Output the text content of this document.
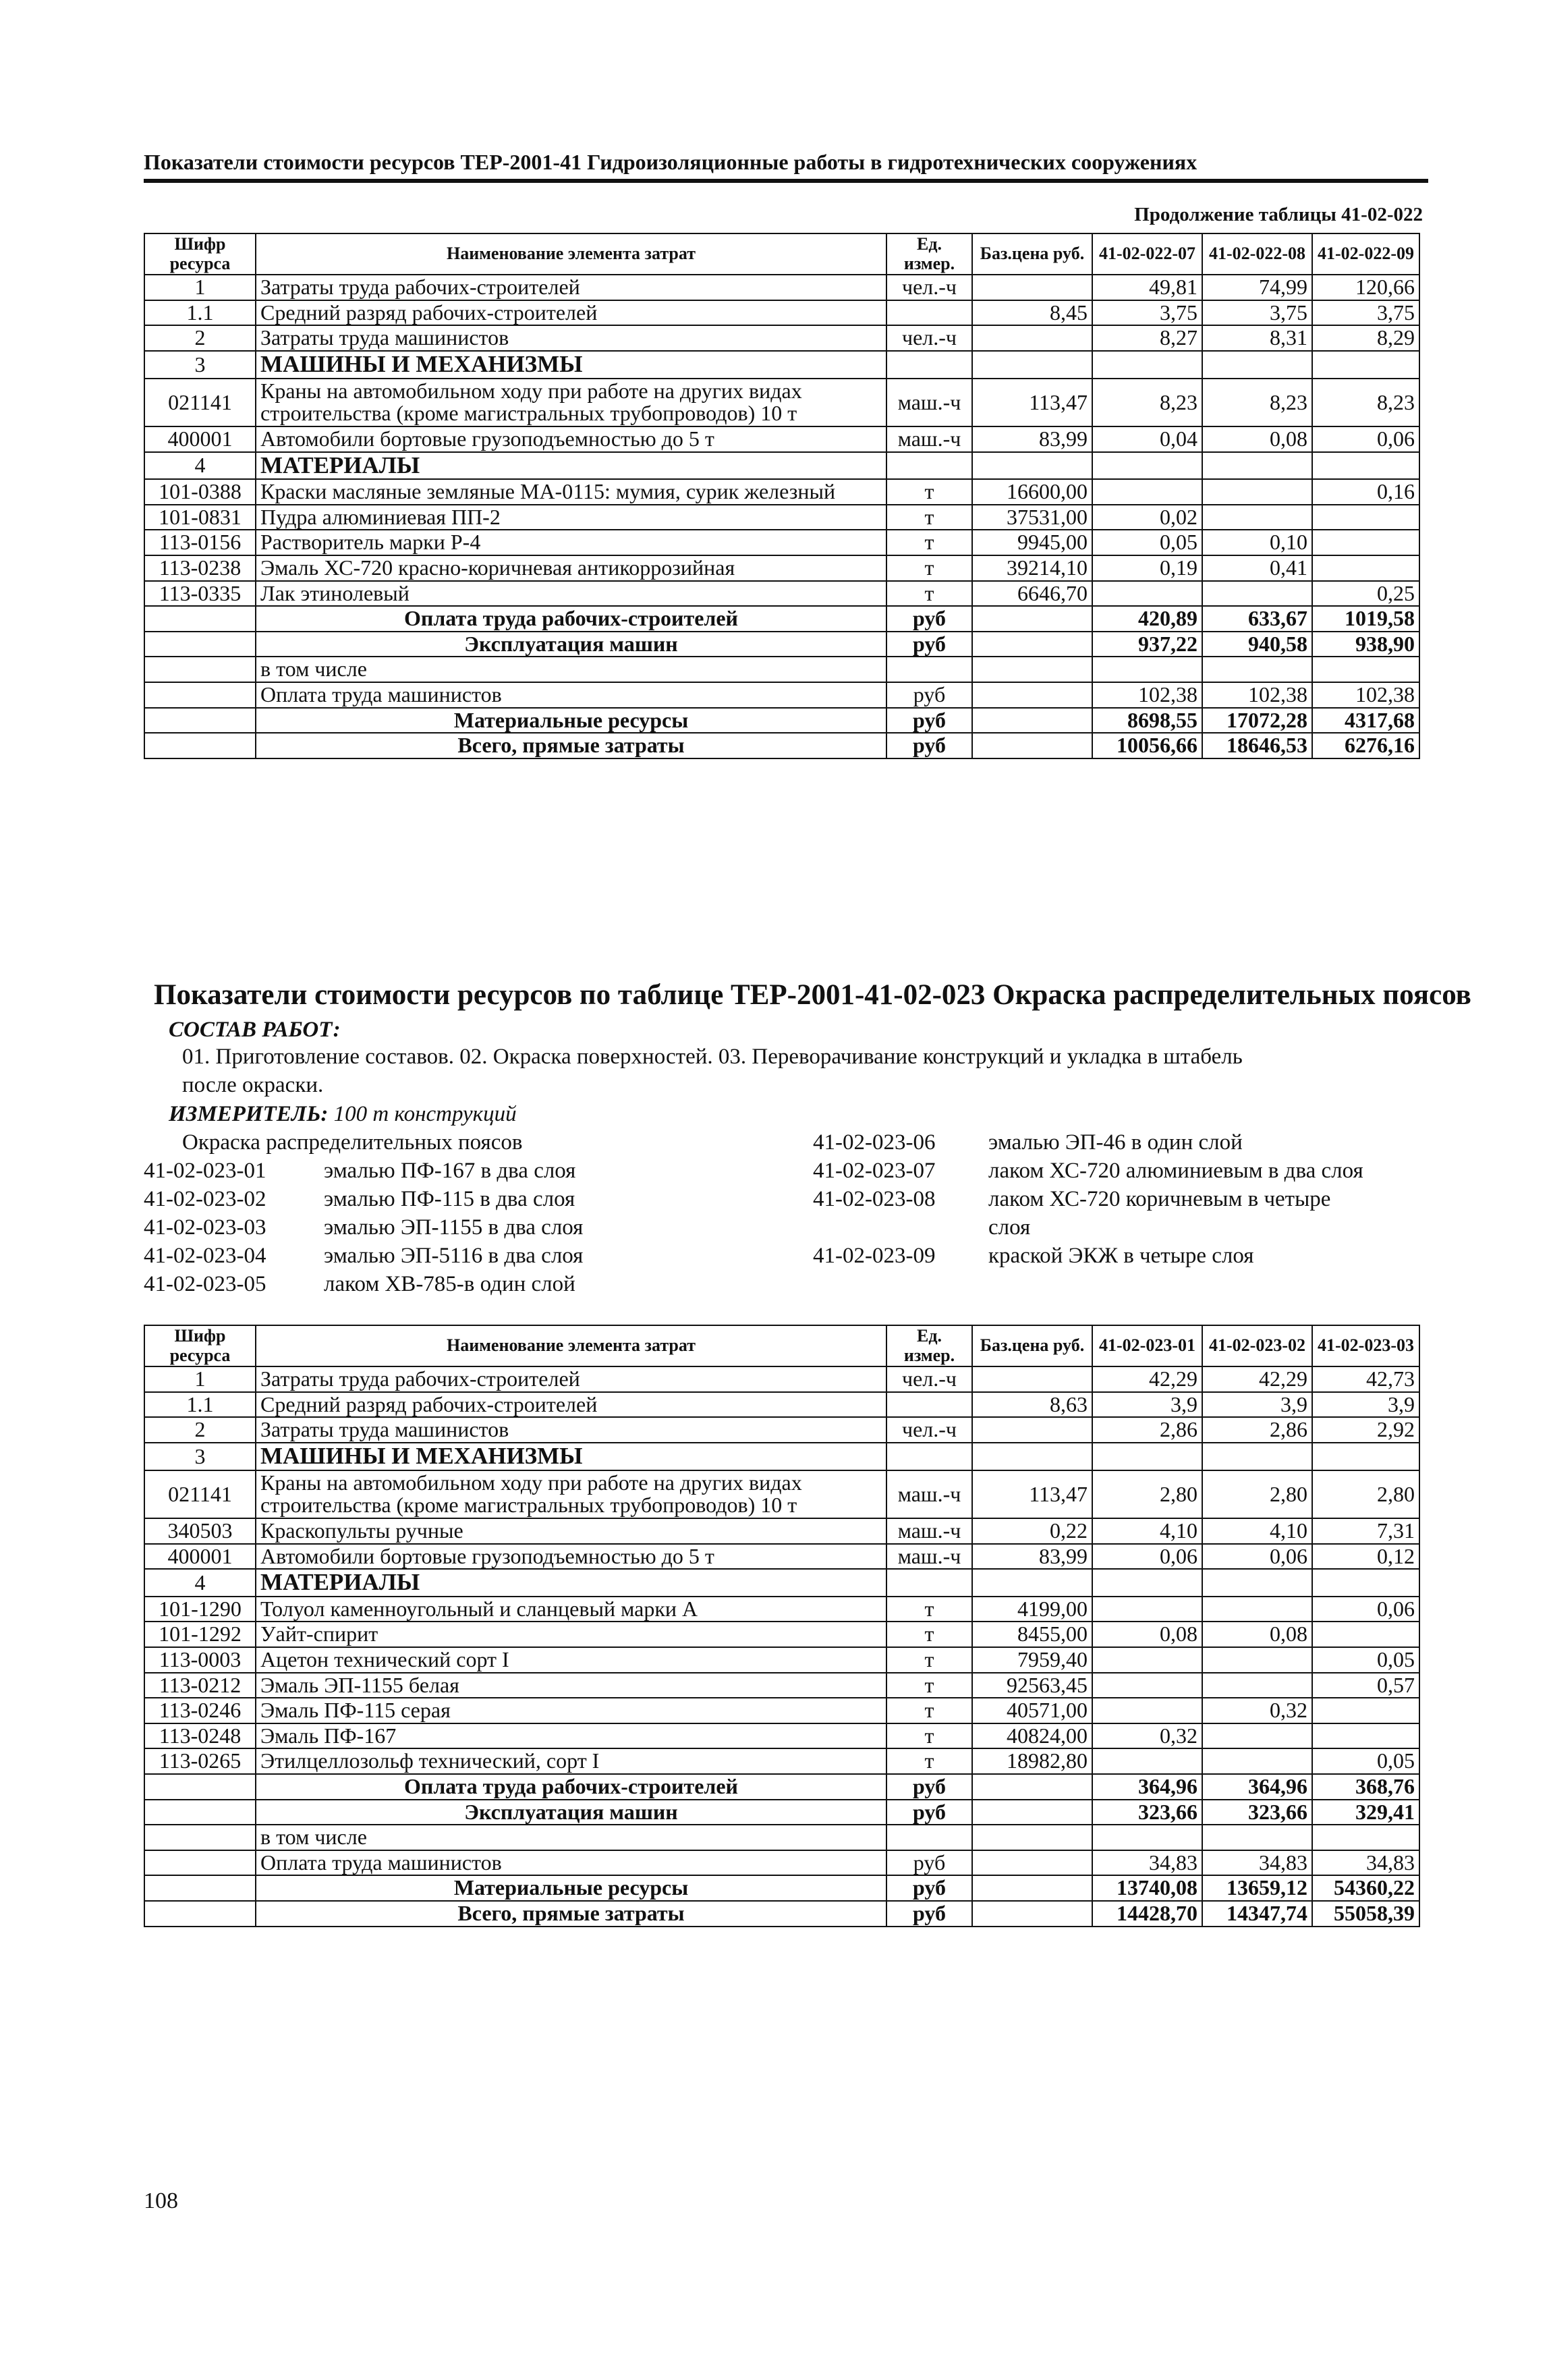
Показатели стоимости ресурсов ТЕР-2001-41 Гидроизоляционные работы в гидротехнических сооружениях
Продолжение таблицы 41-02-022
Шифр ресурса	Наименование элемента затрат	Ед. измер.	Баз.цена руб.	41-02-022-07	41-02-022-08	41-02-022-09
1	Затраты труда рабочих-строителей	чел.-ч		49,81	74,99	120,66
1.1	Средний разряд рабочих-строителей		8,45	3,75	3,75	3,75
2	Затраты труда машинистов	чел.-ч		8,27	8,31	8,29
3	МАШИНЫ И МЕХАНИЗМЫ					
021141	Краны на автомобильном ходу при работе на других видах строительства (кроме магистральных трубопроводов) 10 т	маш.-ч	113,47	8,23	8,23	8,23
400001	Автомобили бортовые грузоподъемностью до 5 т	маш.-ч	83,99	0,04	0,08	0,06
4	МАТЕРИАЛЫ					
101-0388	Краски масляные земляные МА-0115: мумия, сурик железный	т	16600,00			0,16
101-0831	Пудра алюминиевая ПП-2	т	37531,00	0,02		
113-0156	Растворитель марки Р-4	т	9945,00	0,05	0,10	
113-0238	Эмаль ХС-720 красно-коричневая антикоррозийная	т	39214,10	0,19	0,41	
113-0335	Лак этинолевый	т	6646,70			0,25
	Оплата труда рабочих-строителей	руб		420,89	633,67	1019,58
	Эксплуатация машин	руб		937,22	940,58	938,90
	в том числе					
	Оплата труда машинистов	руб		102,38	102,38	102,38
	Материальные ресурсы	руб		8698,55	17072,28	4317,68
	Всего, прямые затраты	руб		10056,66	18646,53	6276,16
Показатели стоимости ресурсов по таблице ТЕР-2001-41-02-023 Окраска распределительных поясов
СОСТАВ РАБОТ:
01. Приготовление составов. 02. Окраска поверхностей. 03. Переворачивание конструкций и укладка в штабель
после окраски.
ИЗМЕРИТЕЛЬ: 100 т конструкций
Окраска распределительных поясов
41-02-023-01	эмалью ПФ-167 в два слоя
41-02-023-02	эмалью ПФ-115 в два слоя
41-02-023-03	эмалью ЭП-1155 в два слоя
41-02-023-04	эмалью ЭП-5116 в два слоя
41-02-023-05	лаком ХВ-785-в один слой
41-02-023-06 эмалью ЭП-46 в один слой
41-02-023-07 лаком ХС-720 алюминиевым в два слоя
41-02-023-08 лаком ХС-720 коричневым в четыре
слоя
41-02-023-09 краской ЭКЖ в четыре слоя
Шифр ресурса	Наименование элемента затрат	Ед. измер.	Баз.цена руб.	41-02-023-01	41-02-023-02	41-02-023-03
1	Затраты труда рабочих-строителей	чел.-ч		42,29	42,29	42,73
1.1	Средний разряд рабочих-строителей		8,63	3,9	3,9	3,9
2	Затраты труда машинистов	чел.-ч		2,86	2,86	2,92
3	МАШИНЫ И МЕХАНИЗМЫ					
021141	Краны на автомобильном ходу при работе на других видах строительства (кроме магистральных трубопроводов) 10 т	маш.-ч	113,47	2,80	2,80	2,80
340503	Краскопульты ручные	маш.-ч	0,22	4,10	4,10	7,31
400001	Автомобили бортовые грузоподъемностью до 5 т	маш.-ч	83,99	0,06	0,06	0,12
4	МАТЕРИАЛЫ					
101-1290	Толуол каменноугольный и сланцевый марки А	т	4199,00			0,06
101-1292	Уайт-спирит	т	8455,00	0,08	0,08	
113-0003	Ацетон технический сорт I	т	7959,40			0,05
113-0212	Эмаль ЭП-1155 белая	т	92563,45			0,57
113-0246	Эмаль ПФ-115 серая	т	40571,00		0,32	
113-0248	Эмаль ПФ-167	т	40824,00	0,32		
113-0265	Этилцеллозольф технический, сорт I	т	18982,80			0,05
	Оплата труда рабочих-строителей	руб		364,96	364,96	368,76
	Эксплуатация машин	руб		323,66	323,66	329,41
	в том числе					
	Оплата труда машинистов	руб		34,83	34,83	34,83
	Материальные ресурсы	руб		13740,08	13659,12	54360,22
	Всего, прямые затраты	руб		14428,70	14347,74	55058,39
108
